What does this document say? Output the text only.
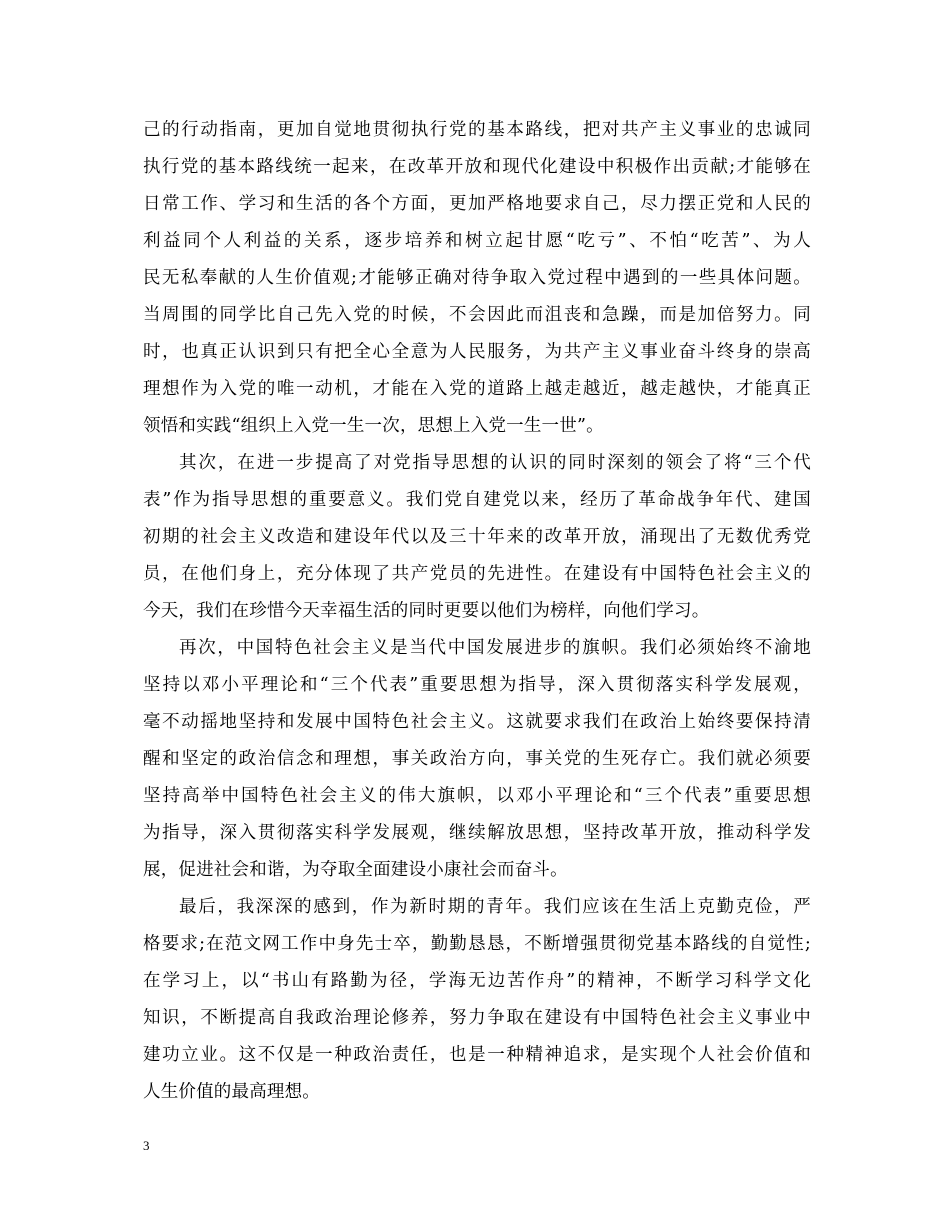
己的行动指南，更加自觉地贯彻执行党的基本路线，把对共产主义事业的忠诚同
执行党的基本路线统一起来，在改革开放和现代化建设中积极作出贡献;才能够在
日常工作、学习和生活的各个方面，更加严格地要求自己，尽力摆正党和人民的
利益同个人利益的关系，逐步培养和树立起甘愿“吃亏”、不怕“吃苦”、为人
民无私奉献的人生价值观;才能够正确对待争取入党过程中遇到的一些具体问题。
当周围的同学比自己先入党的时候，不会因此而沮丧和急躁，而是加倍努力。同
时，也真正认识到只有把全心全意为人民服务，为共产主义事业奋斗终身的崇高
理想作为入党的唯一动机，才能在入党的道路上越走越近，越走越快，才能真正
领悟和实践“组织上入党一生一次，思想上入党一生一世”。
其次，在进一步提高了对党指导思想的认识的同时深刻的领会了将“三个代
表”作为指导思想的重要意义。我们党自建党以来，经历了革命战争年代、建国
初期的社会主义改造和建设年代以及三十年来的改革开放，涌现出了无数优秀党
员，在他们身上，充分体现了共产党员的先进性。在建设有中国特色社会主义的
今天，我们在珍惜今天幸福生活的同时更要以他们为榜样，向他们学习。
再次，中国特色社会主义是当代中国发展进步的旗帜。我们必须始终不渝地
坚持以邓小平理论和“三个代表”重要思想为指导，深入贯彻落实科学发展观，
毫不动摇地坚持和发展中国特色社会主义。这就要求我们在政治上始终要保持清
醒和坚定的政治信念和理想，事关政治方向，事关党的生死存亡。我们就必须要
坚持高举中国特色社会主义的伟大旗帜，以邓小平理论和“三个代表”重要思想
为指导，深入贯彻落实科学发展观，继续解放思想，坚持改革开放，推动科学发
展，促进社会和谐，为夺取全面建设小康社会而奋斗。
最后，我深深的感到，作为新时期的青年。我们应该在生活上克勤克俭，严
格要求;在范文网工作中身先士卒，勤勤恳恳，不断增强贯彻党基本路线的自觉性;
在学习上，以“书山有路勤为径，学海无边苦作舟”的精神，不断学习科学文化
知识，不断提高自我政治理论修养，努力争取在建设有中国特色社会主义事业中
建功立业。这不仅是一种政治责任，也是一种精神追求，是实现个人社会价值和
人生价值的最高理想。
3
